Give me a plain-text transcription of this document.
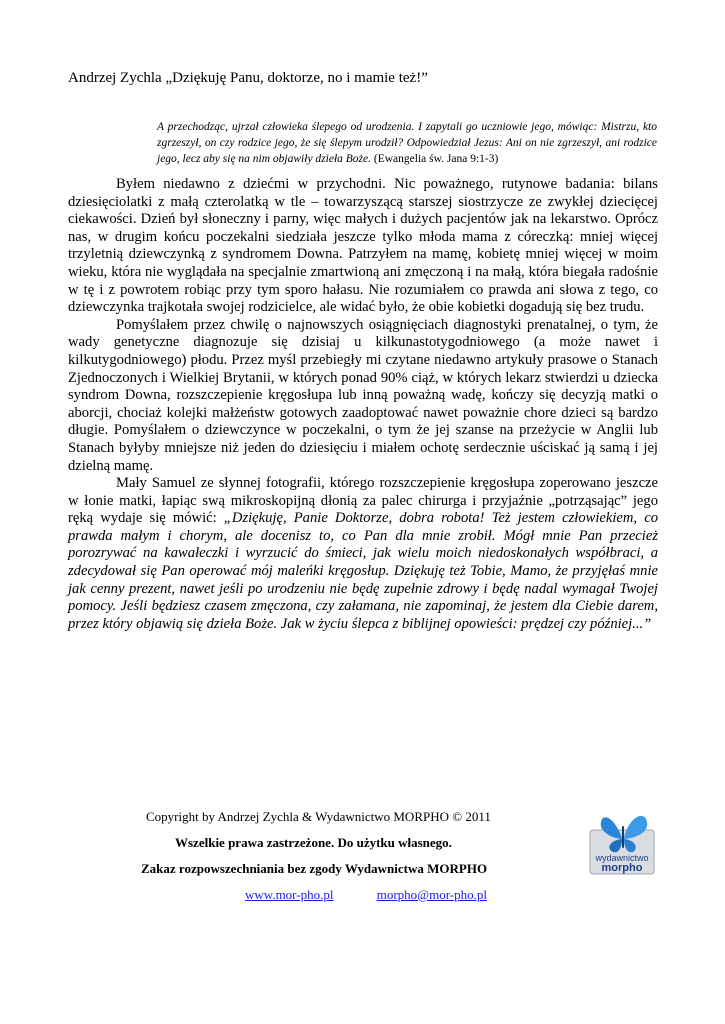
Andrzej Zychla „Dziękuję Panu, doktorze, no i mamie też!”
A przechodząc, ujrzał człowieka ślepego od urodzenia. I zapytali go uczniowie jego, mówiąc: Mistrzu, kto zgrzeszył, on czy rodzice jego, że się ślepym urodził? Odpowiedział Jezus: Ani on nie zgrzeszył, ani rodzice jego, lecz aby się na nim objawiły dzieła Boże. (Ewangelia św. Jana 9:1-3)

Byłem niedawno z dziećmi w przychodni. Nic poważnego, rutynowe badania: bilans dziesięciolatki z małą czterolatką w tle – towarzyszącą starszej siostrzycze ze zwykłej dziecięcej ciekawości. Dzień był słoneczny i parny, więc małych i dużych pacjentów jak na lekarstwo. Oprócz nas, w drugim końcu poczekalni siedziała jeszcze tylko młoda mama z córeczką: mniej więcej trzyletnią dziewczynką z syndromem Downa. Patrzyłem na mamę, kobietę mniej więcej w moim wieku, która nie wyglądała na specjalnie zmartwioną ani zmęczoną i na małą, która biegała radośnie w tę i z powrotem robiąc przy tym sporo hałasu. Nie rozumiałem co prawda ani słowa z tego, co dziewczynka trajkotała swojej rodzicielce, ale widać było, że obie kobietki dogadują się bez trudu.

Pomyślałem przez chwilę o najnowszych osiągnięciach diagnostyki prenatalnej, o tym, że wady genetyczne diagnozuje się dzisiaj u kilkunastotygodniowego (a może nawet i kilkutygodniowego) płodu. Przez myśl przebiegły mi czytane niedawno artykuły prasowe o Stanach Zjednoczonych i Wielkiej Brytanii, w których ponad 90% ciąż, w których lekarz stwierdzi u dziecka syndrom Downa, rozszczepienie kręgosłupa lub inną poważną wadę, kończy się decyzją matki o aborcji, chociaż kolejki małżeństw gotowych zaadoptować nawet poważnie chore dzieci są bardzo długie. Pomyślałem o dziewczynce w poczekalni, o tym że jej szanse na przeżycie w Anglii lub Stanach byłyby mniejsze niż jeden do dziesięciu i miałem ochotę serdecznie uściskać ją samą i jej dzielną mamę.

Mały Samuel ze słynnej fotografii, którego rozszczepienie kręgosłupa zoperowano jeszcze w łonie matki, łapiąc swą mikroskopijną dłonią za palec chirurga i przyjaźnie „potrząsając” jego ręką wydaje się mówić: „Dziękuję, Panie Doktorze, dobra robota! Też jestem człowiekiem, co prawda małym i chorym, ale docenisz to, co Pan dla mnie zrobił. Mógł mnie Pan przecież porozrywać na kawałeczki i wyrzucić do śmieci, jak wielu moich niedoskonałych współbraci, a zdecydował się Pan operować mój maleńki kręgosłup. Dziękuję też Tobie, Mamo, że przyjęłaś mnie jak cenny prezent, nawet jeśli po urodzeniu nie będę zupełnie zdrowy i będę nadal wymagał Twojej pomocy. Jeśli będziesz czasem zmęczona, czy załamana, nie zapominaj, że jestem dla Ciebie darem, przez który objawią się dzieła Boże. Jak w życiu ślepca z biblijnej opowieści: prędzej czy później...”

Copyright by Andrzej Zychla & Wydawnictwo MORPHO © 2011
Wszelkie prawa zastrzeżone. Do użytku własnego.
Zakaz rozpowszechniania bez zgody Wydawnictwa MORPHO
www.mor-pho.pl	morpho@mor-pho.pl
wydawnictwo
morpho
